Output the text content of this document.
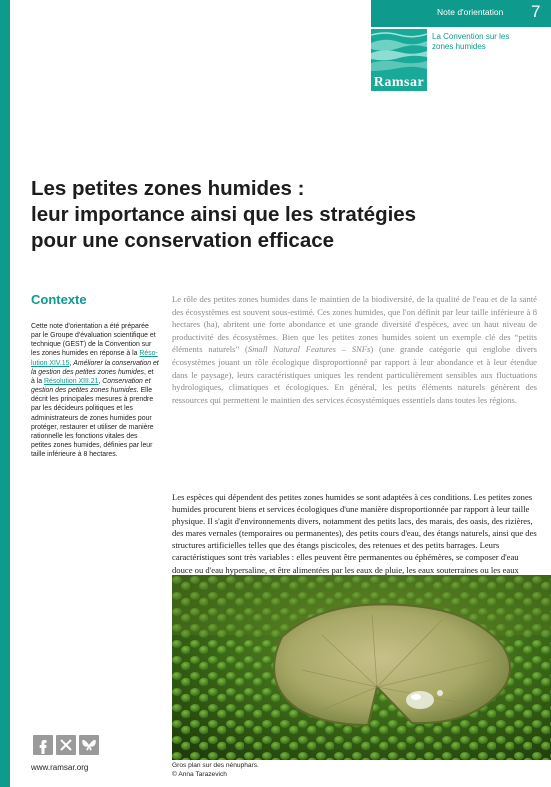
Note d'orientation 7
Ramsar
La Convention sur les
zones humides
Les petites zones humides :
leur importance ainsi que les stratégies
pour une conservation efficace
Contexte

Cette note d'orientation a été préparée par le Groupe d'évaluation scientifique et technique (GEST) de la Convention sur les zones humides en réponse à la Résolution XIV.15, Améliorer la conservation et la gestion des petites zones humides, et à la Résolution XIII.21, Conservation et gestion des petites zones humides. Elle décrit les principales mesures à prendre par les décideurs politiques et les administrateurs de zones humides pour protéger, restaurer et utiliser de manière rationnelle les fonctions vitales des petites zones humides, définies par leur taille inférieure à 8 hectares.

Le rôle des petites zones humides dans le maintien de la biodiversité, de la qualité de l'eau et de la santé des écosystèmes est souvent sous-estimé. Ces zones humides, que l'on définit par leur taille inférieure à 8 hectares (ha), abritent une forte abondance et une grande diversité d'espèces, avec un haut niveau de productivité des écosystèmes. Bien que les petites zones humides soient un exemple clé des “petits éléments naturels” (Small Natural Features – SNFs) (une grande catégorie qui englobe divers écosystèmes jouant un rôle écologique disproportionné par rapport à leur abondance et à leur étendue dans le paysage), leurs caractéristiques uniques les rendent particulièrement sensibles aux fluctuations hydrologiques, climatiques et écologiques. En général, les petits éléments naturels génèrent des ressources qui permettent le maintien des services écosystémiques essentiels dans toutes les régions.

Les espèces qui dépendent des petites zones humides se sont adaptées à ces conditions. Les petites zones humides procurent biens et services écologiques d'une manière disproportionnée par rapport à leur taille physique. Il s'agit d'environnements divers, notamment des petits lacs, des marais, des oasis, des rizières, des mares vernales (temporaires ou permanentes), des petits cours d'eau, des étangs naturels, ainsi que des structures artificielles telles que des étangs piscicoles, des retenues et des petits barrages. Leurs caractéristiques sont très variables : elles peuvent être permanentes ou éphémères, se composer d'eau douce ou d'eau hypersaline, et être alimentées par les eaux de pluie, les eaux souterraines ou les eaux

Gros plan sur des nénuphars.
© Anna Tarazevich
www.ramsar.org
